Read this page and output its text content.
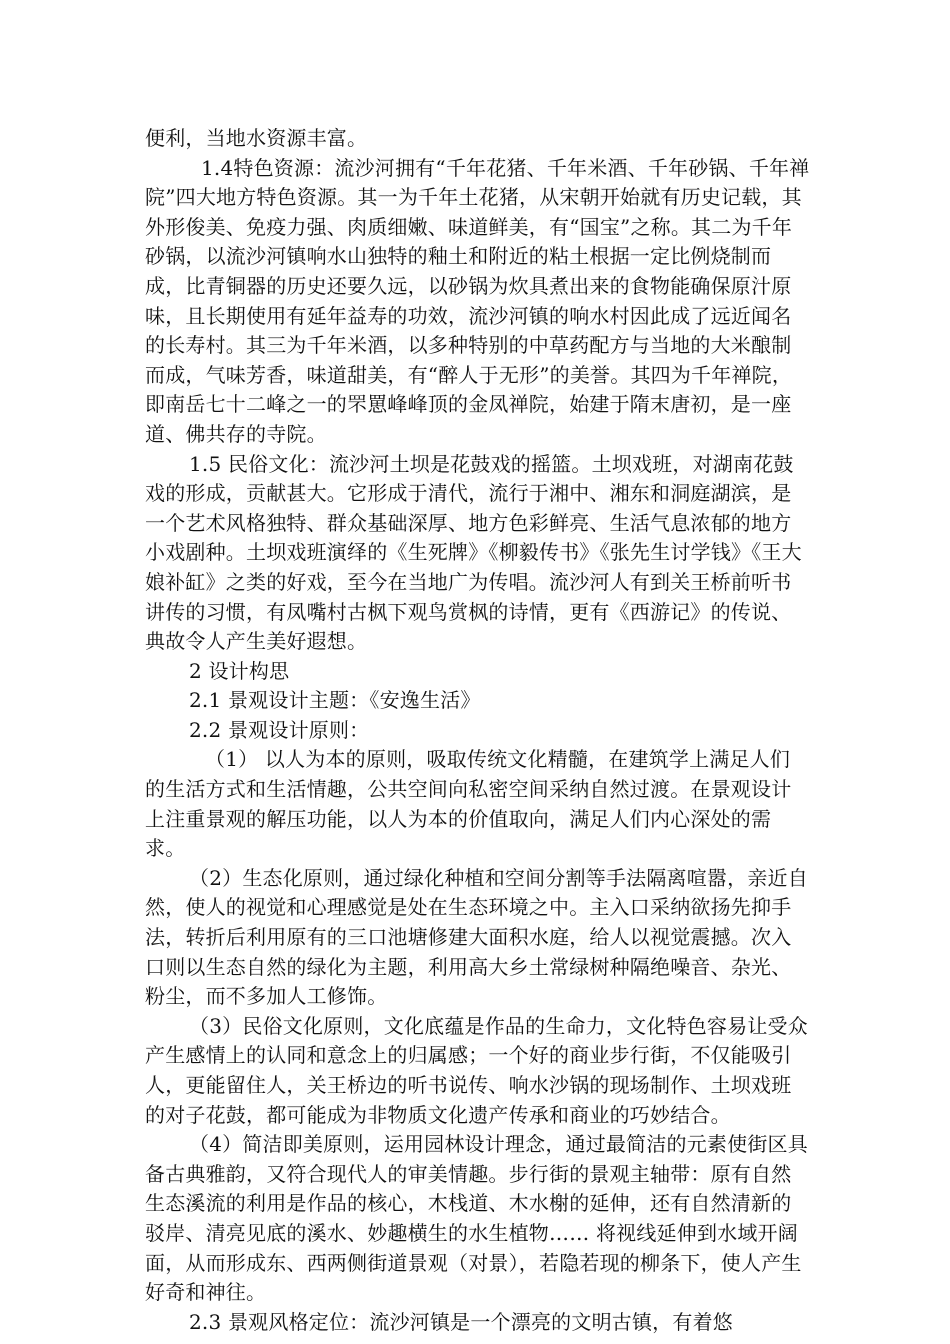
便利，当地水资源丰富。

1.4特色资源：流沙河拥有“千年花猪、千年米酒、千年砂锅、千年禅院”四大地方特色资源。其一为千年土花猪，从宋朝开始就有历史记载，其外形俊美、免疫力强、肉质细嫩、味道鲜美，有“国宝”之称。其二为千年砂锅，以流沙河镇响水山独特的釉土和附近的粘土根据一定比例烧制而成，比青铜器的历史还要久远，以砂锅为炊具煮出来的食物能确保原汁原味，且长期使用有延年益寿的功效，流沙河镇的响水村因此成了远近闻名的长寿村。其三为千年米酒，以多种特别的中草药配方与当地的大米酿制而成，气味芳香，味道甜美，有“醉人于无形”的美誉。其四为千年禅院，即南岳七十二峰之一的罘罳峰峰顶的金凤禅院，始建于隋末唐初，是一座道、佛共存的寺院。

1.5 民俗文化：流沙河土坝是花鼓戏的摇篮。土坝戏班，对湖南花鼓戏的形成，贡献甚大。它形成于清代，流行于湘中、湘东和洞庭湖滨，是一个艺术风格独特、群众基础深厚、地方色彩鲜亮、生活气息浓郁的地方小戏剧种。土坝戏班演绎的《生死牌》《柳毅传书》《张先生讨学钱》《王大娘补缸》之类的好戏，至今在当地广为传唱。流沙河人有到关王桥前听书讲传的习惯，有凤嘴村古枫下观鸟赏枫的诗情，更有《西游记》的传说、典故令人产生美好遐想。

2 设计构思

2.1 景观设计主题：《安逸生活》

2.2 景观设计原则：

（1） 以人为本的原则，吸取传统文化精髓，在建筑学上满足人们的生活方式和生活情趣，公共空间向私密空间采纳自然过渡。在景观设计上注重景观的解压功能，以人为本的价值取向，满足人们内心深处的需求。

（2）生态化原则，通过绿化种植和空间分割等手法隔离喧嚣，亲近自然，使人的视觉和心理感觉是处在生态环境之中。主入口采纳欲扬先抑手法，转折后利用原有的三口池塘修建大面积水庭，给人以视觉震撼。次入口则以生态自然的绿化为主题，利用高大乡土常绿树种隔绝噪音、杂光、粉尘，而不多加人工修饰。

（3）民俗文化原则，文化底蕴是作品的生命力，文化特色容易让受众产生感情上的认同和意念上的归属感；一个好的商业步行街，不仅能吸引人，更能留住人，关王桥边的听书说传、响水沙锅的现场制作、土坝戏班的对子花鼓，都可能成为非物质文化遗产传承和商业的巧妙结合。

（4）简洁即美原则，运用园林设计理念，通过最简洁的元素使街区具备古典雅韵，又符合现代人的审美情趣。步行街的景观主轴带：原有自然生态溪流的利用是作品的核心，木栈道、木水榭的延伸，还有自然清新的驳岸、清亮见底的溪水、妙趣横生的水生植物…… 将视线延伸到水域开阔面，从而形成东、西两侧街道景观（对景），若隐若现的柳条下，使人产生好奇和神往。

2.3 景观风格定位：流沙河镇是一个漂亮的文明古镇，有着悠
